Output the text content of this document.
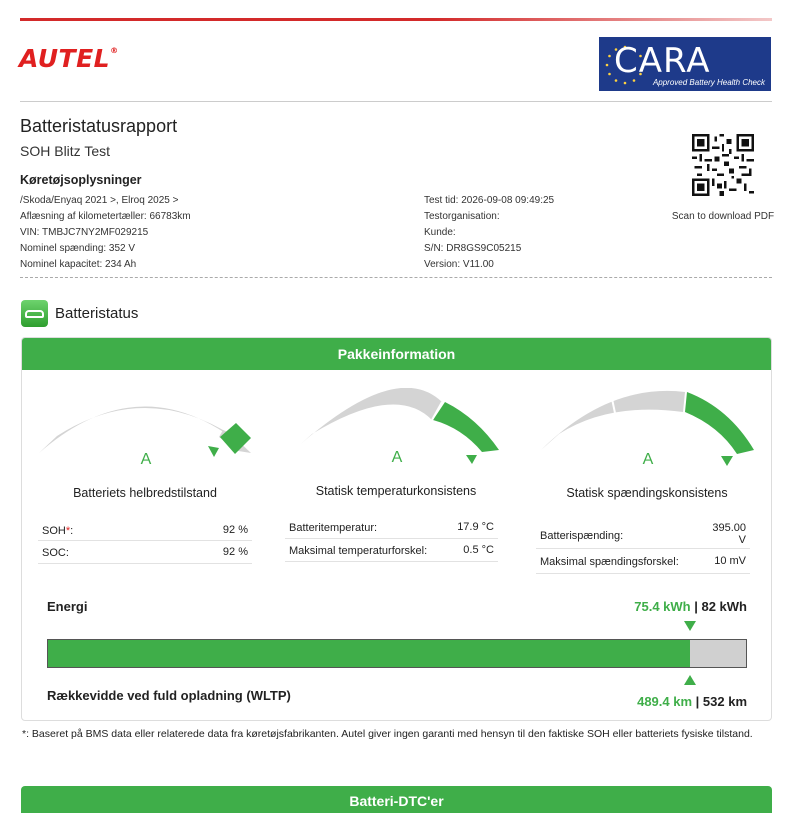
AUTEL®	CARA
Approved Battery Health Check
Batteristatusrapport
SOH Blitz Test
Køretøjsoplysninger
/Skoda/Enyaq 2021 >, Elroq 2025 >
Aflæsning af kilometertæller: 66783km
VIN: TMBJC7NY2MF029215
Nominel spænding: 352 V
Nominel kapacitet: 234 Ah
Test tid: 2026-09-08 09:49:25
Testorganisation:
Kunde:
S/N: DR8GS9C05215
Version: V11.00
Scan to download PDF
Batteristatus
Pakkeinformation
A
Batteriets helbredstilstand
A
Statisk temperaturkonsistens
A
Statisk spændingskonsistens
SOH*:	92 %
SOC:	92 %
Batteritemperatur:	17.9 °C
Maksimal temperaturforskel:	0.5 °C
Batterispænding:
395.00
V
Maksimal spændingsforskel:	10 mV
Energi	75.4 kWh | 82 kWh
Rækkevidde ved fuld opladning (WLTP)	489.4 km | 532 km
*: Baseret på BMS data eller relaterede data fra køretøjsfabrikanten. Autel giver ingen garanti med hensyn til den faktiske SOH eller batteriets fysiske tilstand.
Batteri-DTC'er
